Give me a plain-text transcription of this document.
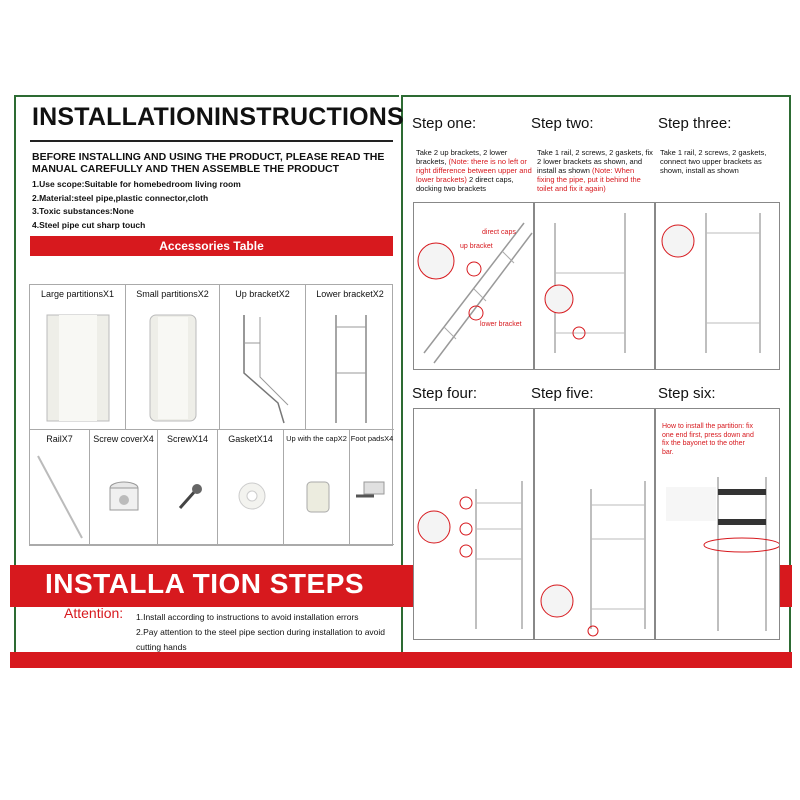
INSTALLATIONINSTRUCTIONS
BEFORE INSTALLING AND USING THE PRODUCT, PLEASE READ THE MANUAL CAREFULLY AND THEN ASSEMBLE THE PRODUCT
1.Use scope:Suitable for homebedroom living room
2.Material:steel pipe,plastic connector,cloth
3.Toxic substances:None
4.Steel pipe cut sharp touch
Accessories Table
Large partitionsX1	Small partitionsX2	Up bracketX2	Lower bracketX2
RailX7	Screw coverX4	ScrewX14	GasketX14	Up with the capX2 Foot padsX4
INSTALLA TION STEPS
Attention: 1.Install according to instructions to avoid installation errors
2.Pay attention to the steel pipe section during installation to avoid cutting hands
Step one:
Take 2 up brackets, 2 lower brackets, (Note: there is no left or right difference between upper and lower brackets) 2 direct caps, docking two brackets
direct caps
up bracket
lower bracket
Step two:
Take 1 rail, 2 screws, 2 gaskets, fix 2 lower brackets as shown, and install as shown (Note: When fixing the pipe, put it behind the toilet and fix it again)
Step three:
Take 1 rail, 2 screws, 2 gaskets, connect two upper brackets as shown, install as shown
Step four:	Step five:	Step six:
How to install the partition: fix one end first, press down and fix the bayonet to the other bar.
